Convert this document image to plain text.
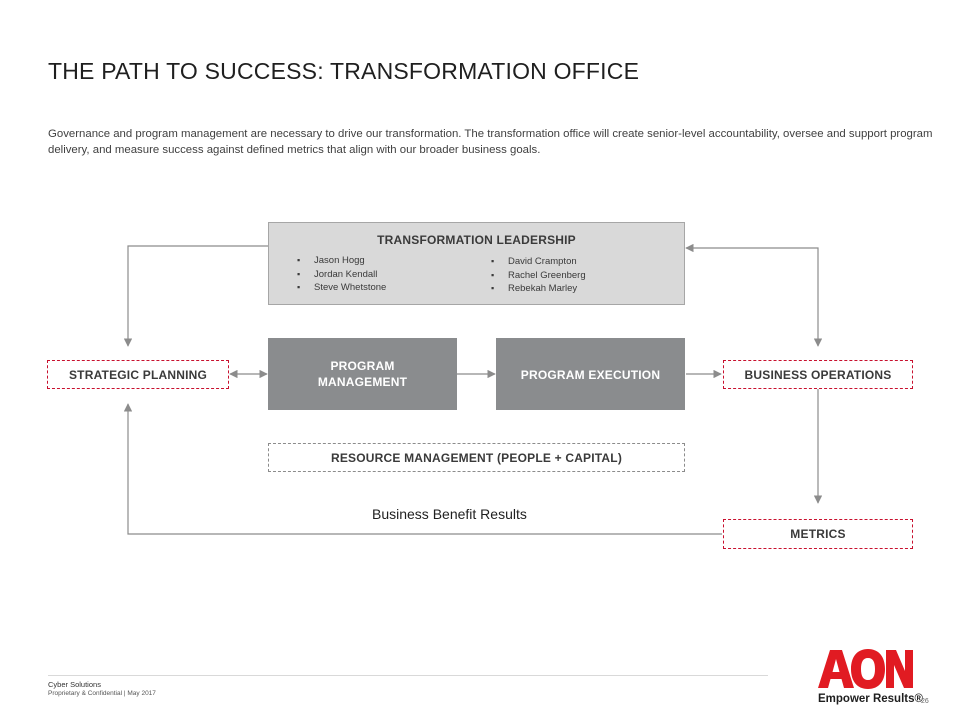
THE PATH TO SUCCESS: TRANSFORMATION OFFICE

Governance and program management are necessary to drive our transformation. The transformation office will create senior-level accountability, oversee and support program delivery, and measure success against defined metrics that align with our broader business goals.

TRANSFORMATION LEADERSHIP
▪ Jason Hogg
▪ Jordan Kendall
▪ Steve Whetstone
▪ David Crampton
▪ Rachel Greenberg
▪ Rebekah Marley
STRATEGIC PLANNING
PROGRAM
MANAGEMENT	PROGRAM EXECUTION	BUSINESS OPERATIONS
RESOURCE MANAGEMENT (PEOPLE + CAPITAL)
METRICS
Business Benefit Results
Cyber Solutions
Proprietary & Confidential | May 2017	Empower Results®
26
